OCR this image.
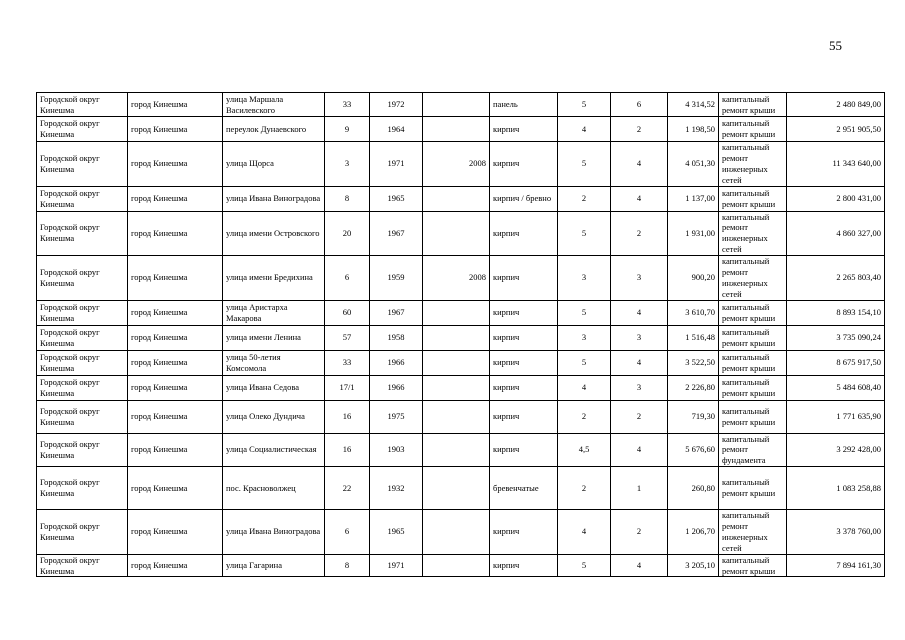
55
Городской округ Кинешма	город Кинешма	улица Маршала Василевского	33	1972		панель	5	6	4 314,52	капитальный ремонт крыши	2 480 849,00
Городской округ Кинешма	город Кинешма	переулок Дунаевского	9	1964		кирпич	4	2	1 198,50	капитальный ремонт крыши	2 951 905,50
Городской округ Кинешма	город Кинешма	улица Щорса	3	1971	2008	кирпич	5	4	4 051,30	капитальный ремонт инженерных сетей	11 343 640,00
Городской округ Кинешма	город Кинешма	улица Ивана Виноградова	8	1965		кирпич / бревно	2	4	1 137,00	капитальный ремонт крыши	2 800 431,00
Городской округ Кинешма	город Кинешма	улица имени Островского	20	1967		кирпич	5	2	1 931,00	капитальный ремонт инженерных сетей	4 860 327,00
Городской округ Кинешма	город Кинешма	улица имени Бредихина	6	1959	2008	кирпич	3	3	900,20	капитальный ремонт инженерных сетей	2 265 803,40
Городской округ Кинешма	город Кинешма	улица Аристарха Макарова	60	1967		кирпич	5	4	3 610,70	капитальный ремонт крыши	8 893 154,10
Городской округ Кинешма	город Кинешма	улица имени Ленина	57	1958		кирпич	3	3	1 516,48	капитальный ремонт крыши	3 735 090,24
Городской округ Кинешма	город Кинешма	улица 50-летия Комсомола	33	1966		кирпич	5	4	3 522,50	капитальный ремонт крыши	8 675 917,50
Городской округ Кинешма	город Кинешма	улица Ивана Седова	17/1	1966		кирпич	4	3	2 226,80	капитальный ремонт крыши	5 484 608,40
Городской округ Кинешма	город Кинешма	улица Олеко Дундича	16	1975		кирпич	2	2	719,30	капитальный ремонт крыши	1 771 635,90
Городской округ Кинешма	город Кинешма	улица Социалистическая	16	1903		кирпич	4,5	4	5 676,60	капитальный ремонт фундамента	3 292 428,00
Городской округ Кинешма	город Кинешма	пос. Красноволжец	22	1932		бревенчатые	2	1	260,80	капитальный ремонт крыши	1 083 258,88
Городской округ Кинешма	город Кинешма	улица Ивана Виноградова	6	1965		кирпич	4	2	1 206,70	капитальный ремонт инженерных сетей	3 378 760,00
Городской округ Кинешма	город Кинешма	улица Гагарина	8	1971		кирпич	5	4	3 205,10	капитальный ремонт крыши	7 894 161,30
